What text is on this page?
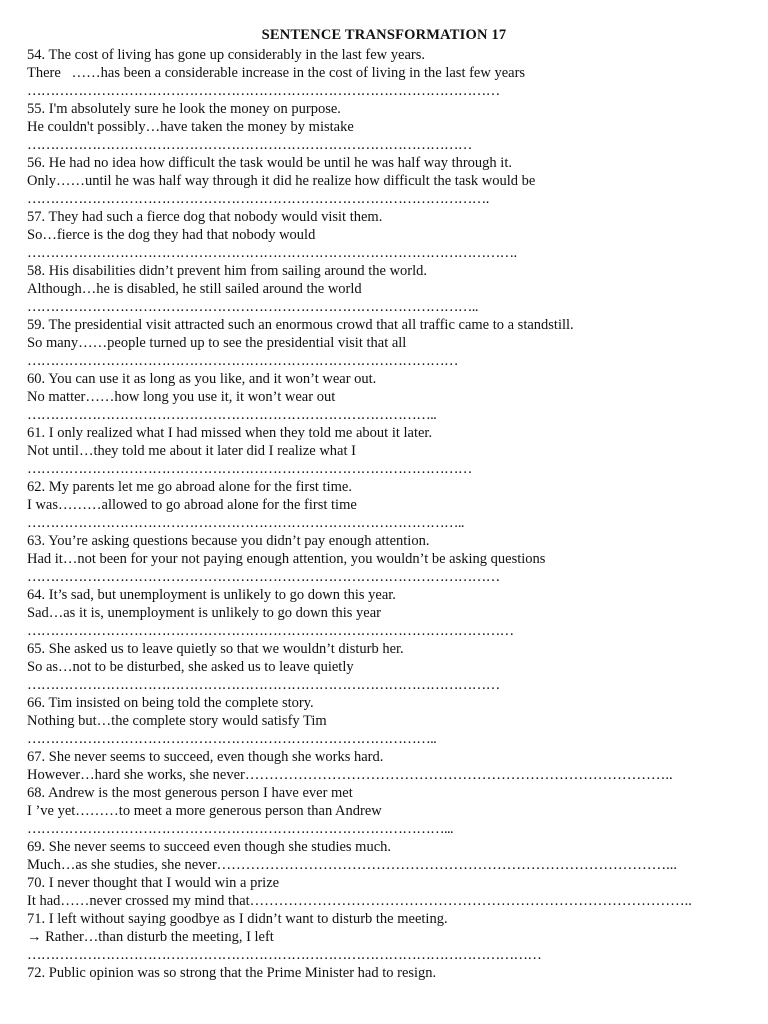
SENTENCE TRANSFORMATION 17
54. The cost of living has gone up considerably in the last few years.
There   ……has been a considerable increase in the cost of living in the last few years
…………………………………………………………………………………………
55. I'm absolutely sure he look the money on purpose.
He couldn't possibly…have taken the money by mistake
……………………………………………………………………………………
56. He had no idea how difficult the task would be until he was half way through it.
Only……until he was half way through it did he realize how difficult the task would be
……………………………………………………………………………………….
57. They had such a fierce dog that nobody would visit them.
So…fierce is the dog they had that nobody would
…………………………………………………………………………………………….
58. His disabilities didn’t prevent him from sailing around the world.
Although…he is disabled, he still sailed around the world
……………………………………………………………………………………..
59. The presidential visit attracted such an enormous crowd that all traffic came to a standstill.
So many……people turned up to see the presidential visit that all
…………………………………………………………………………………
60. You can use it as long as you like, and it won’t wear out.
No matter……how long you use it, it won’t wear out
……………………………………………………………………………..
61. I only realized what I had missed when they told me about it later.
Not until…they told me about it later did I realize what I
……………………………………………………………………………………
62. My parents let me go abroad alone for the first time.
I was………allowed to go abroad alone for the first time
…………………………………………………………………………………..
63. You’re asking questions because you didn’t pay enough attention.
Had it…not been for your not paying enough attention, you wouldn’t be asking questions
…………………………………………………………………………………………
64. It’s sad, but unemployment is unlikely to go down this year.
Sad…as it is, unemployment is unlikely to go down this year
……………………………………………………………………………………………
65. She asked us to leave quietly so that we wouldn’t disturb her.
So as…not to be disturbed, she asked us to leave quietly
…………………………………………………………………………………………
66. Tim insisted on being told the complete story.
Nothing but…the complete story would satisfy Tim
……………………………………………………………………………..
67. She never seems to succeed, even though she works hard.
However…hard she works, she never……………………………………………………………………………..
68. Andrew is the most generous person I have ever met
I ’ve yet………to meet a more generous person than Andrew
………………………………………………………………………………...
69. She never seems to succeed even though she studies much.
Much…as she studies, she never…………………………………………………………………………………...
70. I never thought that I would win a prize
It had……never crossed my mind that………………………………………………………………………………..
71. I left without saying goodbye as I didn’t want to disturb the meeting.
→ Rather…than disturb the meeting, I left
…………………………………………………………………………………………………
72. Public opinion was so strong that the Prime Minister had to resign.
